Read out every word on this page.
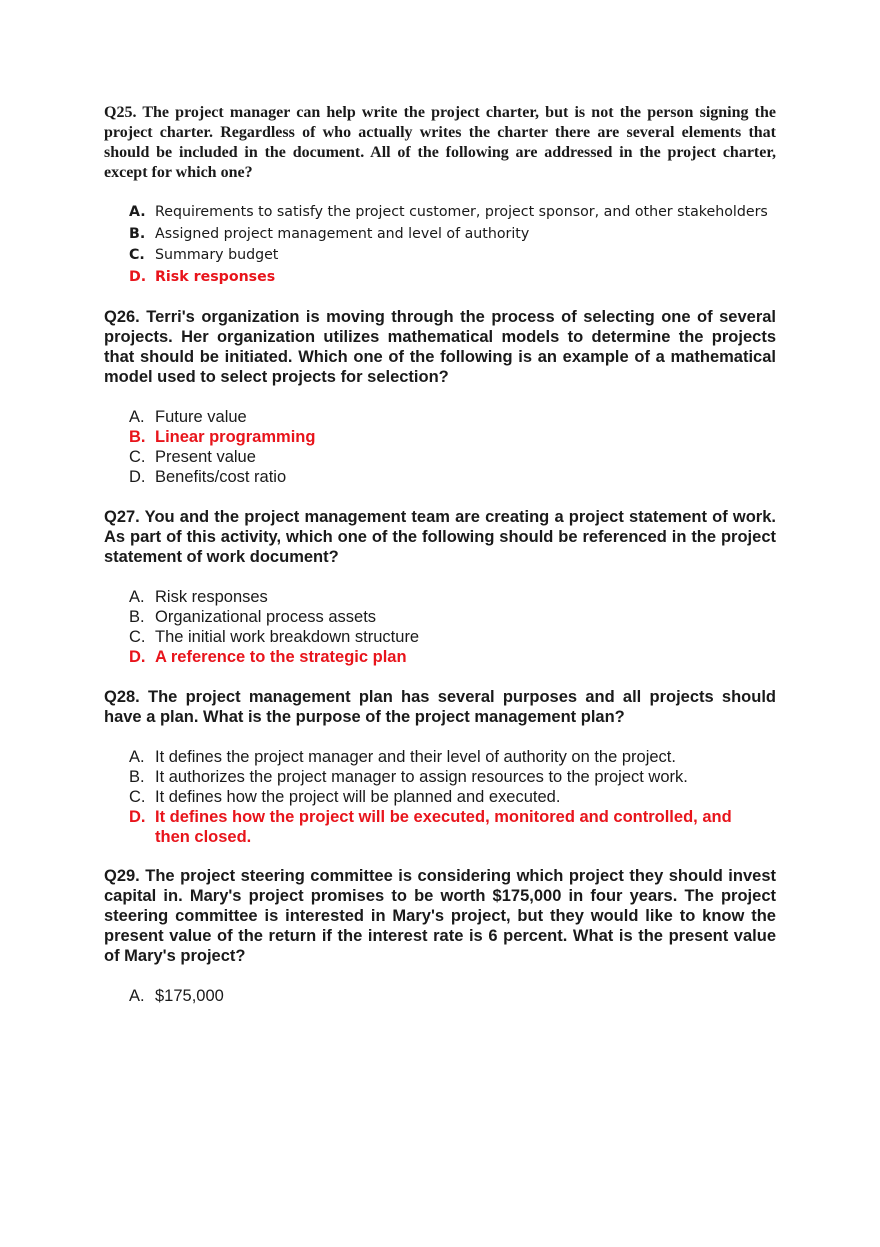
Q25. The project manager can help write the project charter, but is not the person signing the project charter. Regardless of who actually writes the charter there are several elements that should be included in the document. All of the following are addressed in the project charter, except for which one?

A. Requirements to satisfy the project customer, project sponsor, and other stakeholders
B. Assigned project management and level of authority
C. Summary budget
D. Risk responses

Q26. Terri's organization is moving through the process of selecting one of several projects. Her organization utilizes mathematical models to determine the projects that should be initiated. Which one of the following is an example of a mathematical model used to select projects for selection?

A. Future value
B. Linear programming
C. Present value
D. Benefits/cost ratio

Q27. You and the project management team are creating a project statement of work. As part of this activity, which one of the following should be referenced in the project statement of work document?

A. Risk responses
B. Organizational process assets
C. The initial work breakdown structure
D. A reference to the strategic plan

Q28. The project management plan has several purposes and all projects should have a plan. What is the purpose of the project management plan?

A. It defines the project manager and their level of authority on the project.
B. It authorizes the project manager to assign resources to the project work.
C. It defines how the project will be planned and executed.
D. It defines how the project will be executed, monitored and controlled, and then closed.

Q29. The project steering committee is considering which project they should invest capital in. Mary's project promises to be worth $175,000 in four years. The project steering committee is interested in Mary's project, but they would like to know the present value of the return if the interest rate is 6 percent. What is the present value of Mary's project?

A. $175,000
